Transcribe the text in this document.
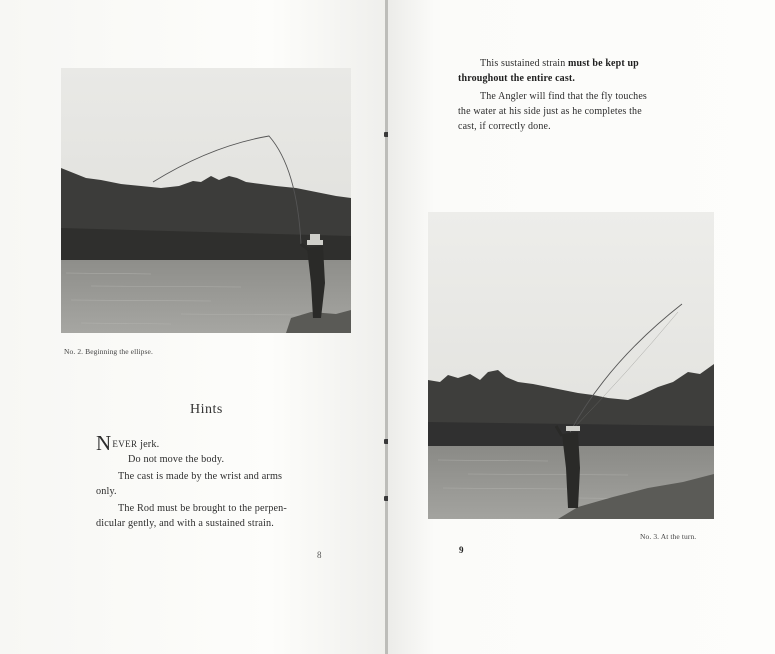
No. 2. Beginning the ellipse.
Hints
NEVER jerk.
Do not move the body.
The cast is made by the wrist and arms
only.
The Rod must be brought to the perpen-
dicular gently, and with a sustained strain.
8
This sustained strain must be kept up
throughout the entire cast.
The Angler will find that the fly touches
the water at his side just as he completes the
cast, if correctly done.
No. 3. At the turn.
9
